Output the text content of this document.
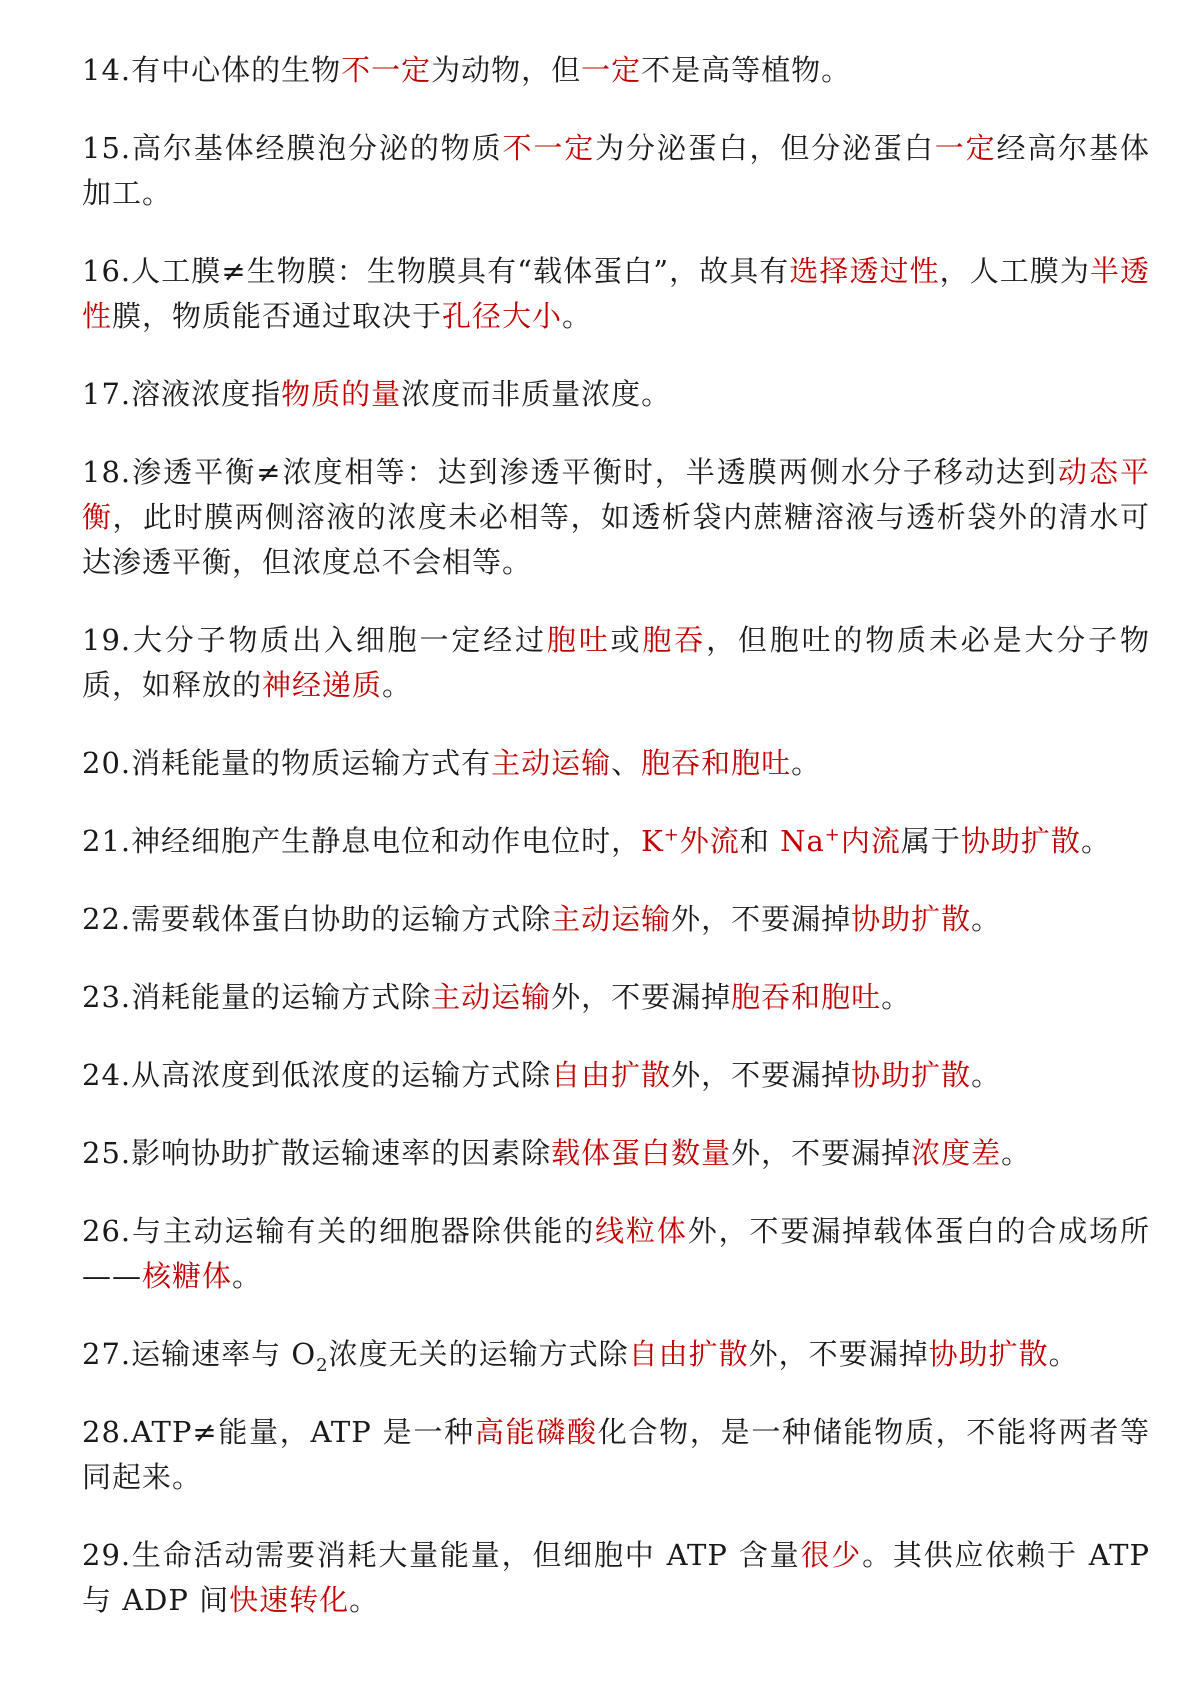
14.有中心体的生物不一定为动物，但一定不是高等植物。

15.高尔基体经膜泡分泌的物质不一定为分泌蛋白，但分泌蛋白一定经高尔基体加工。

16.人工膜≠生物膜：生物膜具有“载体蛋白”，故具有选择透过性，人工膜为半透性膜，物质能否通过取决于孔径大小。

17.溶液浓度指物质的量浓度而非质量浓度。

18.渗透平衡≠浓度相等：达到渗透平衡时，半透膜两侧水分子移动达到动态平衡，此时膜两侧溶液的浓度未必相等，如透析袋内蔗糖溶液与透析袋外的清水可达渗透平衡，但浓度总不会相等。

19.大分子物质出入细胞一定经过胞吐或胞吞，但胞吐的物质未必是大分子物质，如释放的神经递质。

20.消耗能量的物质运输方式有主动运输、胞吞和胞吐。

21.神经细胞产生静息电位和动作电位时，K+外流和 Na+内流属于协助扩散。

22.需要载体蛋白协助的运输方式除主动运输外，不要漏掉协助扩散。

23.消耗能量的运输方式除主动运输外，不要漏掉胞吞和胞吐。

24.从高浓度到低浓度的运输方式除自由扩散外，不要漏掉协助扩散。

25.影响协助扩散运输速率的因素除载体蛋白数量外，不要漏掉浓度差。

26.与主动运输有关的细胞器除供能的线粒体外，不要漏掉载体蛋白的合成场所——核糖体。

27.运输速率与 $O_2$浓度无关的运输方式除自由扩散外，不要漏掉协助扩散。

28.ATP≠能量，ATP 是一种高能磷酸化合物，是一种储能物质，不能将两者等同起来。

29.生命活动需要消耗大量能量，但细胞中 ATP 含量很少。其供应依赖于 ATP 与 ADP 间快速转化。
